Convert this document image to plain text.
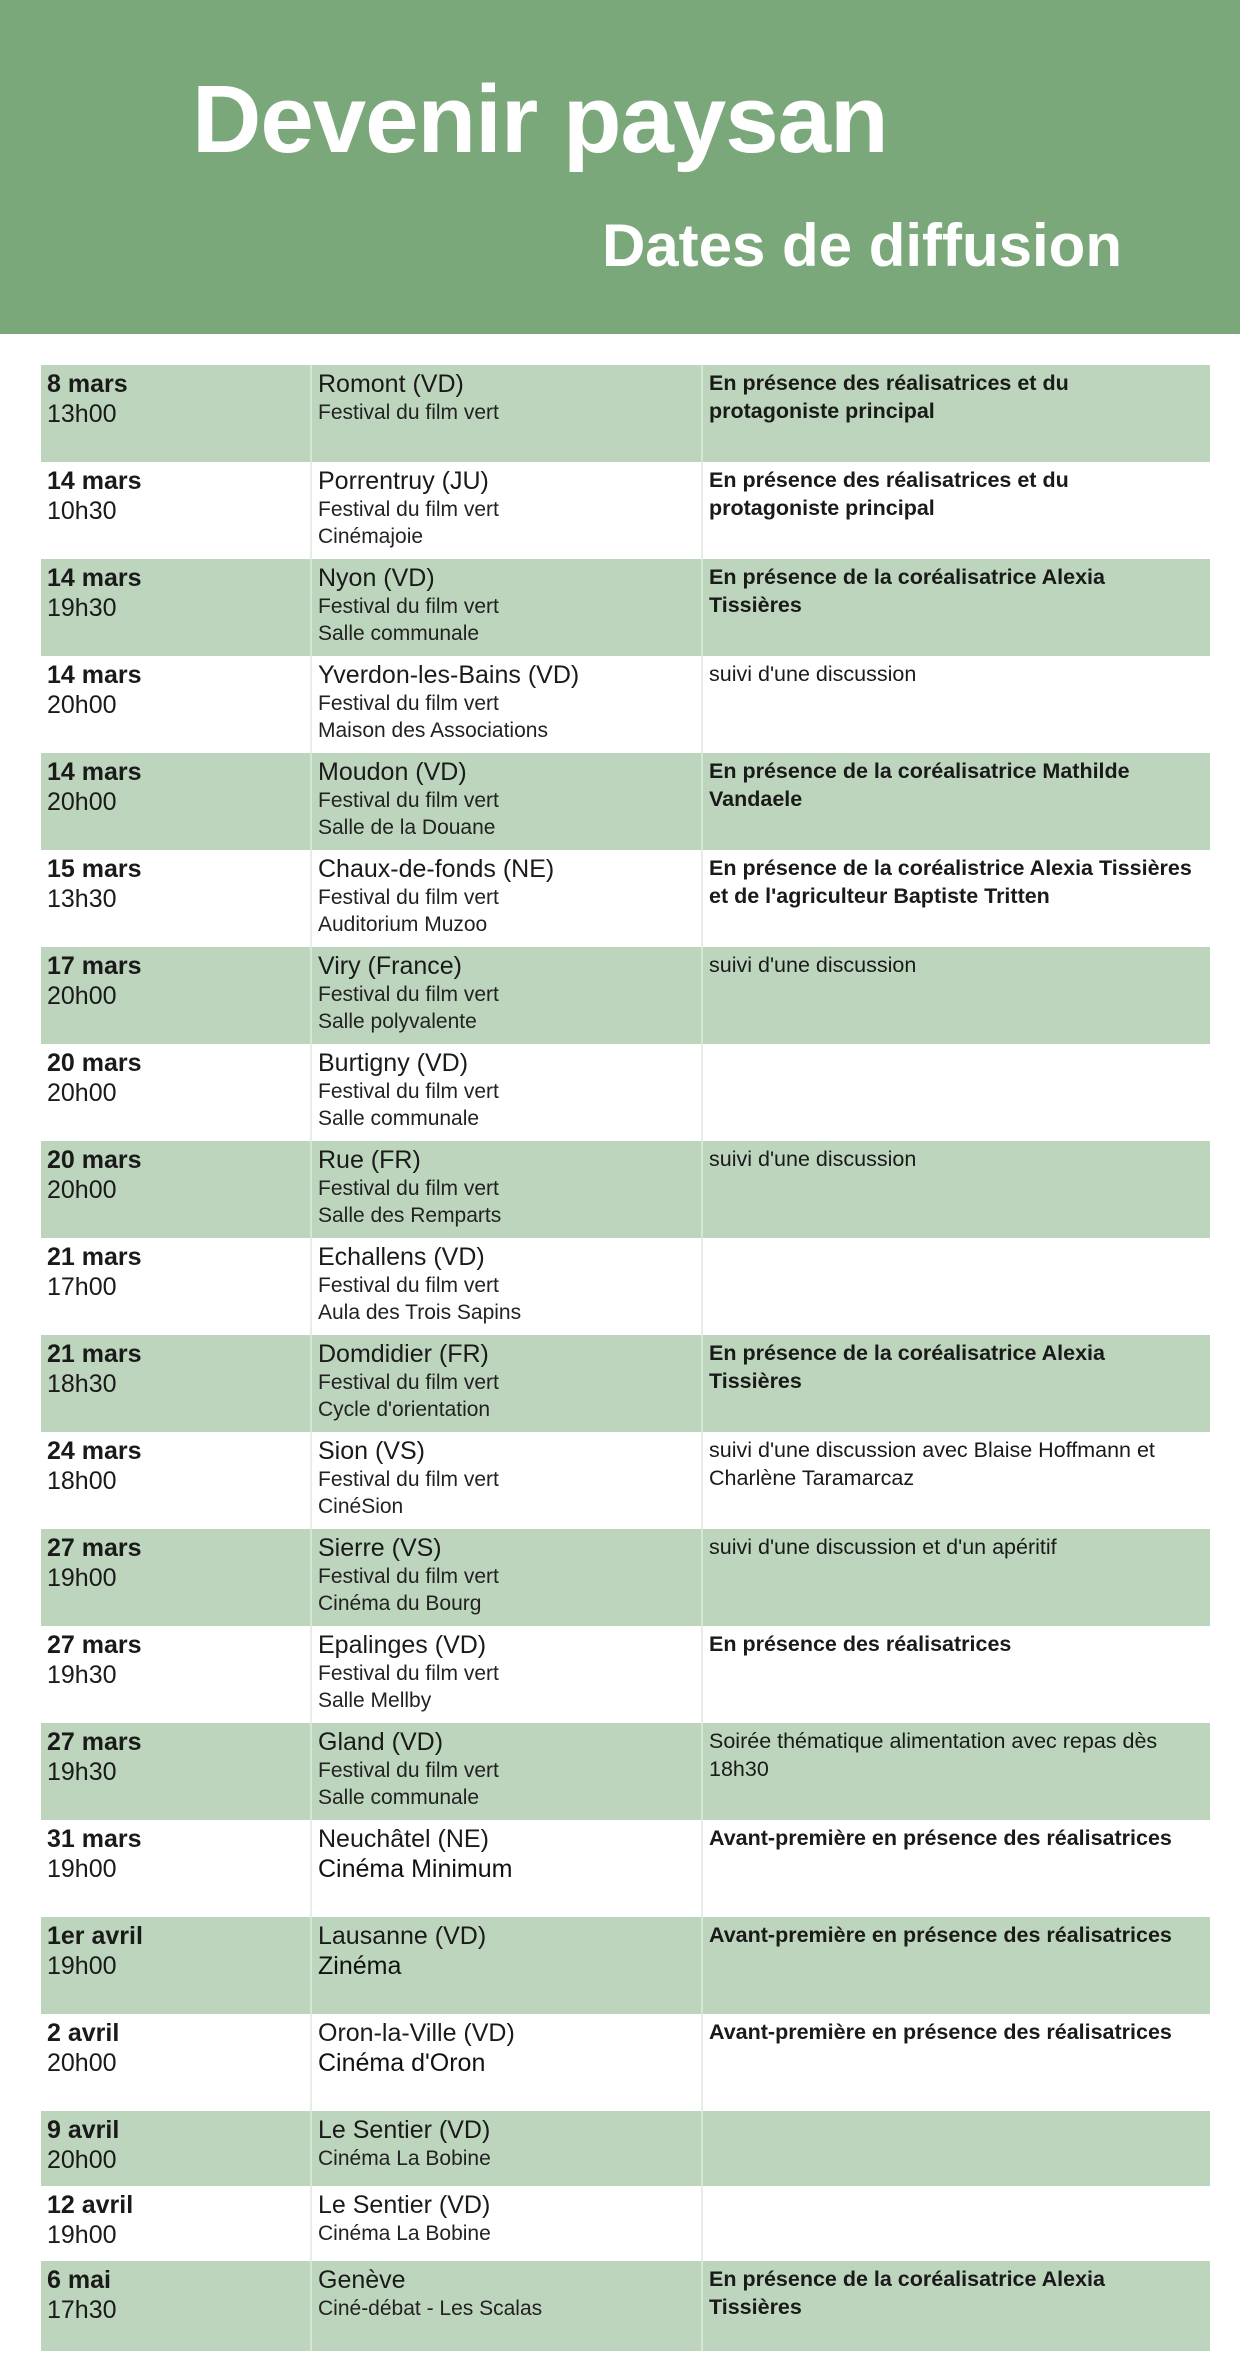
Devenir paysan
Dates de diffusion
8 mars
13h00
Romont (VD)
Festival du film vert
En présence des réalisatrices et du protagoniste principal
14 mars
10h30
Porrentruy (JU)
Festival du film vert
Cinémajoie
En présence des réalisatrices et du protagoniste principal
14 mars
19h30
Nyon (VD)
Festival du film vert
Salle communale
En présence de la coréalisatrice Alexia Tissières
14 mars
20h00
Yverdon-les-Bains (VD)
Festival du film vert
Maison des Associations
suivi d'une discussion
14 mars
20h00
Moudon (VD)
Festival du film vert
Salle de la Douane
En présence de la coréalisatrice Mathilde Vandaele
15 mars
13h30
Chaux-de-fonds (NE)
Festival du film vert
Auditorium Muzoo
En présence de la coréalistrice Alexia Tissières et de l'agriculteur Baptiste Tritten
17 mars
20h00
Viry (France)
Festival du film vert
Salle polyvalente
suivi d'une discussion
20 mars
20h00
Burtigny (VD)
Festival du film vert
Salle communale
20 mars
20h00
Rue (FR)
Festival du film vert
Salle des Remparts
suivi d'une discussion
21 mars
17h00
Echallens (VD)
Festival du film vert
Aula des Trois Sapins
21 mars
18h30
Domdidier (FR)
Festival du film vert
Cycle d'orientation
En présence de la coréalisatrice Alexia Tissières
24 mars
18h00
Sion (VS)
Festival du film vert
CinéSion
suivi d'une discussion avec Blaise Hoffmann et Charlène Taramarcaz
27 mars
19h00
Sierre (VS)
Festival du film vert
Cinéma du Bourg
suivi d'une discussion et d'un apéritif
27 mars
19h30
Epalinges (VD)
Festival du film vert
Salle Mellby
En présence des réalisatrices
27 mars
19h30
Gland (VD)
Festival du film vert
Salle communale
Soirée thématique alimentation avec repas dès 18h30
31 mars
19h00
Neuchâtel (NE)
Cinéma Minimum
Avant-première en présence des réalisatrices
1er avril
19h00
Lausanne (VD)
Zinéma
Avant-première en présence des réalisatrices
2 avril
20h00
Oron-la-Ville (VD)
Cinéma d'Oron
Avant-première en présence des réalisatrices
9 avril
20h00
Le Sentier (VD)
Cinéma La Bobine
12 avril
19h00
Le Sentier (VD)
Cinéma La Bobine
6 mai
17h30
Genève
Ciné-débat - Les Scalas
En présence de la coréalisatrice Alexia Tissières
